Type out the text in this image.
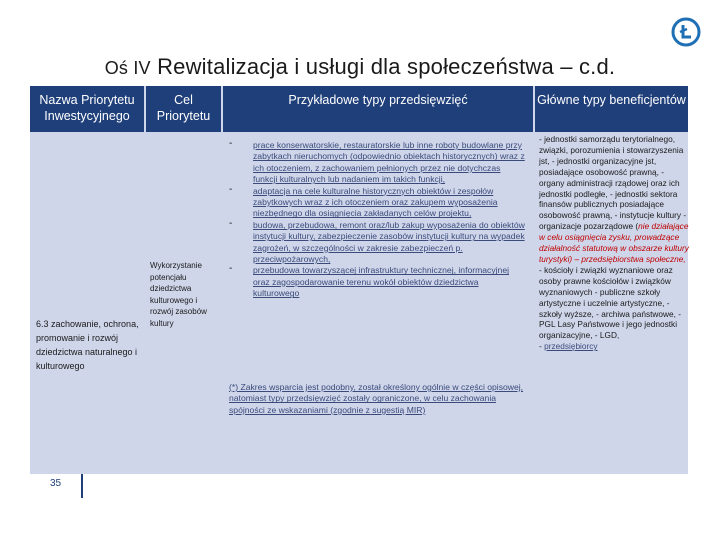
Oś IV Rewitalizacja i usługi dla społeczeństwa – c.d.
Nazwa Priorytetu Inwestycyjnego
Cel Priorytetu
Przykładowe typy przedsięwzięć	Główne typy beneficjentów
6.3 zachowanie, ochrona, promowanie i rozwój dziedzictwa naturalnego i kulturowego
Wykorzystanie potencjału dziedzictwa kulturowego i rozwój zasobów kultury
- prace konserwatorskie, restauratorskie lub inne roboty budowlane przy zabytkach nieruchomych (odpowiednio obiektach historycznych) wraz z ich otoczeniem, z zachowaniem pełnionych przez nie dotychczas funkcji kulturalnych lub nadaniem im takich funkcji,
- adaptacja na cele kulturalne historycznych obiektów i zespołów zabytkowych wraz z ich otoczeniem oraz zakupem wyposażenia niezbędnego dla osiągnięcia zakładanych celów projektu,
- budowa, przebudowa, remont oraz/lub zakup wyposażenia do obiektów instytucji kultury, zabezpieczenie zasobów instytucji kultury na wypadek zagrożeń, w szczególności w zakresie zabezpieczeń p. przeciwpożarowych,
- przebudowa towarzyszącej infrastruktury technicznej, informacyjnej oraz zagospodarowanie terenu wokół obiektów dziedzictwa kulturowego
(*) Zakres wsparcia jest podobny, został określony ogólnie w części opisowej, natomiast typy przedsięwzięć zostały ograniczone, w celu zachowania spójności ze wskazaniami (zgodnie z sugestią MIR)
- jednostki samorządu terytorialnego, związki, porozumienia i stowarzyszenia jst, - jednostki organizacyjne jst, posiadające osobowość prawną, - organy administracji rządowej oraz ich jednostki podległe, - jednostki sektora finansów publicznych posiadające osobowość prawną, - instytucje kultury - organizacje pozarządowe (nie działające w celu osiągnięcia zysku, prowadzące działalność statutową w obszarze kultury turystyki) – przedsiębiorstwa społeczne, - kościoły i związki wyznaniowe oraz osoby prawne kościołów i związków wyznaniowych - publiczne szkoły artystyczne i uczelnie artystyczne, - szkoły wyższe, - archiwa państwowe, - PGL Lasy Państwowe i jego jednostki organizacyjne, - LGD,
- przedsiębiorcy
35
